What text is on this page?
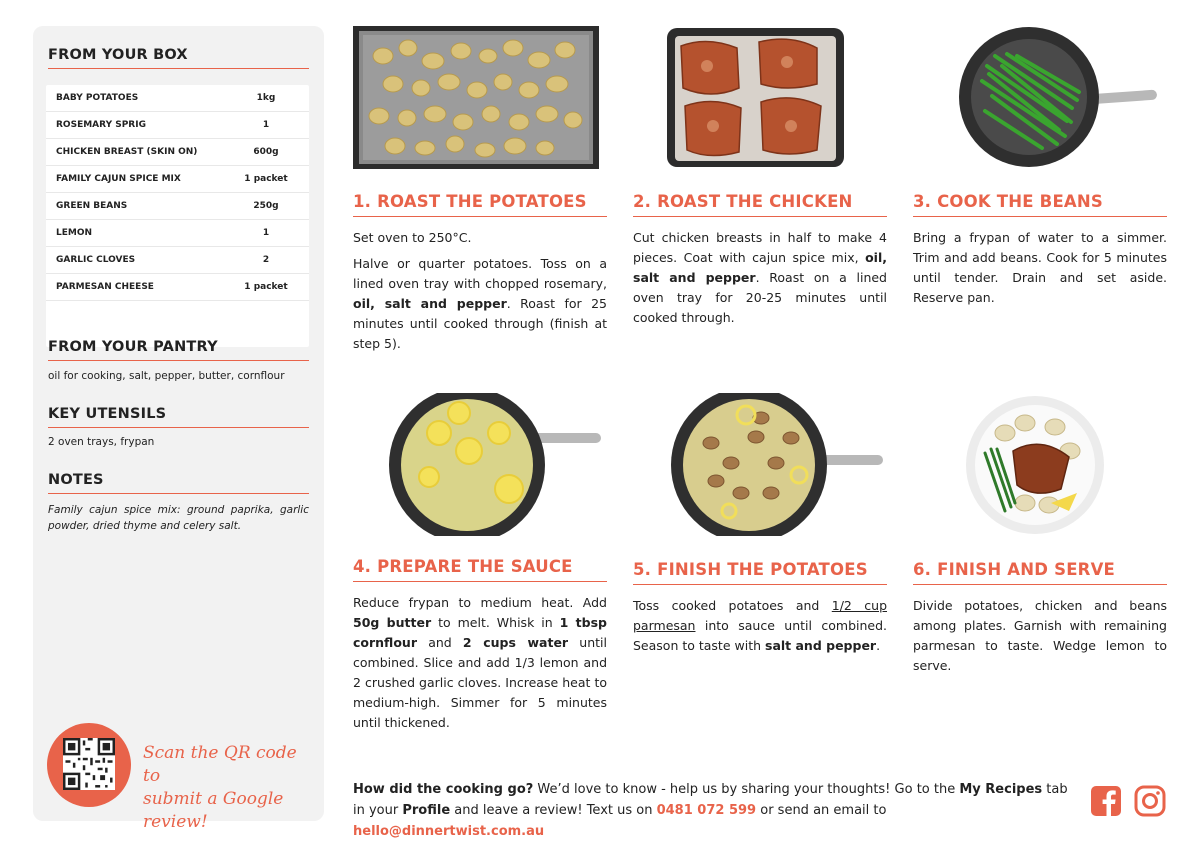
FROM YOUR BOX
BABY POTATOES	1kg
ROSEMARY SPRIG	1
CHICKEN BREAST (SKIN ON)	600g
FAMILY CAJUN SPICE MIX	1 packet
GREEN BEANS	250g
LEMON	1
GARLIC CLOVES	2
PARMESAN CHEESE	1 packet
FROM YOUR PANTRY
oil for cooking, salt, pepper, butter, cornflour
KEY UTENSILS
2 oven trays, frypan
NOTES
Family cajun spice mix: ground paprika, garlic powder, dried thyme and celery salt.
Scan the QR code to
submit a Google review!
1. ROAST THE POTATOES

Set oven to 250°C.

Halve or quarter potatoes. Toss on a lined oven tray with chopped rosemary, oil, salt and pepper. Roast for 25 minutes until cooked through (finish at step 5).

2. ROAST THE CHICKEN

Cut chicken breasts in half to make 4 pieces. Coat with cajun spice mix, oil, salt and pepper. Roast on a lined oven tray for 20-25 minutes until cooked through.

3. COOK THE BEANS

Bring a frypan of water to a simmer. Trim and add beans. Cook for 5 minutes until tender. Drain and set aside. Reserve pan.

4. PREPARE THE SAUCE

Reduce frypan to medium heat. Add 50g butter to melt. Whisk in 1 tbsp cornflour and 2 cups water until combined. Slice and add 1/3 lemon and 2 crushed garlic cloves. Increase heat to medium-high. Simmer for 5 minutes until thickened.

5. FINISH THE POTATOES

Toss cooked potatoes and 1/2 cup parmesan into sauce until combined. Season to taste with salt and pepper.

6. FINISH AND SERVE

Divide potatoes, chicken and beans among plates. Garnish with remaining parmesan to taste. Wedge lemon to serve.

How did the cooking go? We’d love to know - help us by sharing your thoughts! Go to the My Recipes tab in your Profile and leave a review! Text us on 0481 072 599 or send an email to hello@dinnertwist.com.au
